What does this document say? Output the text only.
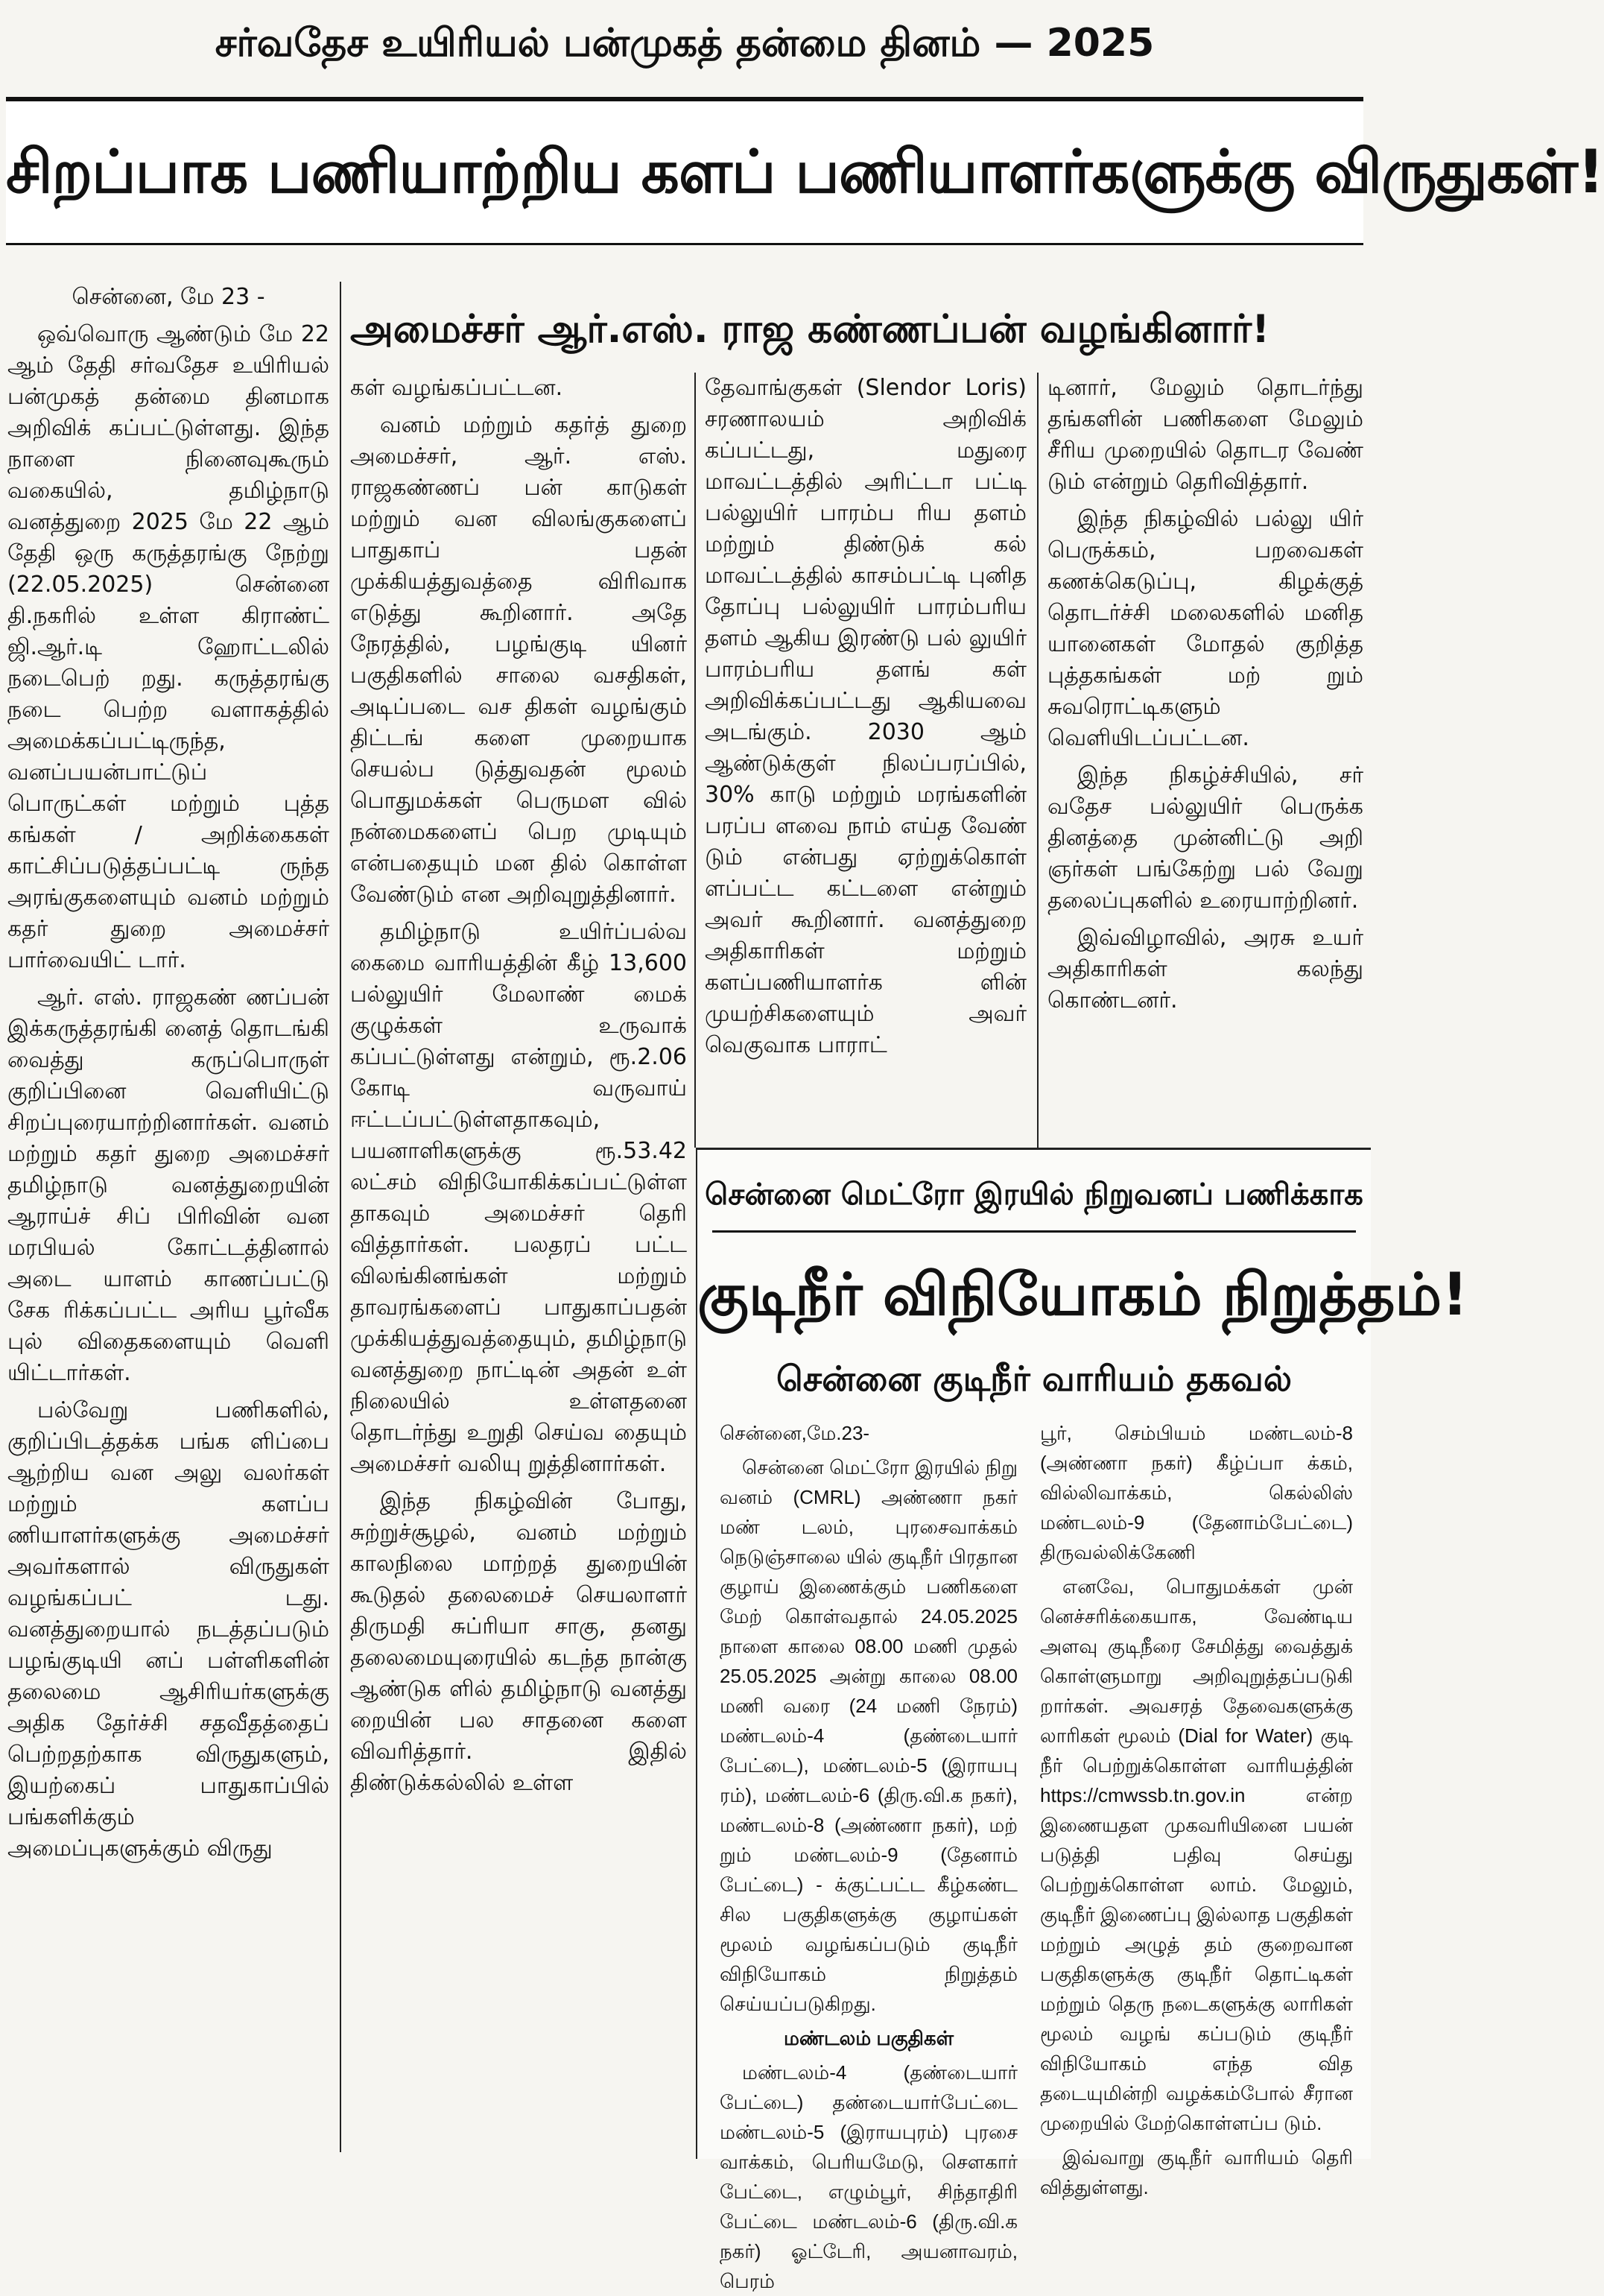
சர்வதேச உயிரியல் பன்முகத் தன்மை தினம் — 2025
சிறப்பாக பணியாற்றிய களப் பணியாளர்களுக்கு விருதுகள்!
அமைச்சர் ஆர்.எஸ். ராஜ கண்ணப்பன் வழங்கினார்!

சென்னை, மே 23 -

ஒவ்வொரு ஆண்டும் மே 22 ஆம் தேதி சர்வதேச உயிரியல் பன்முகத் தன்மை தினமாக அறிவிக் கப்பட்டுள்ளது. இந்த நாளை நினைவுகூரும் வகையில், தமிழ்நாடு வனத்துறை 2025 மே 22 ஆம் தேதி ஒரு கருத்தரங்கு நேற்று (22.05.2025) சென்னை தி.நகரில் உள்ள கிராண்ட் ஜி.ஆர்.டி ஹோட்டலில் நடைபெற் றது. கருத்தரங்கு நடை பெற்ற வளாகத்தில் அமைக்கப்பட்டிருந்த, வனப்பயன்பாட்டுப் பொருட்கள் மற்றும் புத்த கங்கள் / அறிக்கைகள் காட்சிப்படுத்தப்பட்டி ருந்த அரங்குகளையும் வனம் மற்றும் கதர் துறை அமைச்சர் பார்வையிட் டார்.

ஆர். எஸ். ராஜகண் ணப்பன் இக்கருத்தரங்கி னைத் தொடங்கி வைத்து கருப்பொருள் குறிப்பினை வெளியிட்டு சிறப்புரையாற்றினார்கள். வனம் மற்றும் கதர் துறை அமைச்சர் தமிழ்நாடு வனத்துறையின் ஆராய்ச் சிப் பிரிவின் வன மரபியல் கோட்டத்தினால் அடை யாளம் காணப்பட்டு சேக ரிக்கப்பட்ட அரிய பூர்வீக புல் விதைகளையும் வெளி யிட்டார்கள்.

பல்வேறு பணிகளில், குறிப்பிடத்தக்க பங்க ளிப்பை ஆற்றிய வன அலு வலர்கள் மற்றும் களப்ப ணியாளர்களுக்கு அமைச்சர் அவர்களால் விருதுகள் வழங்கப்பட் டது. வனத்துறையால் நடத்தப்படும் பழங்குடியி னப் பள்ளிகளின் தலைமை ஆசிரியர்களுக்கு அதிக தேர்ச்சி சதவீதத்தைப் பெற்றதற்காக விருதுகளும், இயற்கைப் பாதுகாப்பில் பங்களிக்கும் அமைப்புகளுக்கும் விருது

கள் வழங்கப்பட்டன.

வனம் மற்றும் கதர்த் துறை அமைச்சர், ஆர். எஸ். ராஜகண்ணப் பன் காடுகள் மற்றும் வன விலங்குகளைப் பாதுகாப் பதன் முக்கியத்துவத்தை விரிவாக எடுத்து கூறினார். அதே நேரத்தில், பழங்குடி யினர் பகுதிகளில் சாலை வசதிகள், அடிப்படை வச திகள் வழங்கும் திட்டங் களை முறையாக செயல்ப டுத்துவதன் மூலம் பொதுமக்கள் பெருமள வில் நன்மைகளைப் பெற முடியும் என்பதையும் மன தில் கொள்ள வேண்டும் என அறிவுறுத்தினார்.

தமிழ்நாடு உயிர்ப்பல்வ கைமை வாரியத்தின் கீழ் 13,600 பல்லுயிர் மேலாண் மைக் குழுக்கள் உருவாக் கப்பட்டுள்ளது என்றும், ரூ.2.06 கோடி வருவாய் ஈட்டப்பட்டுள்ளதாகவும், பயனாளிகளுக்கு ரூ.53.42 லட்சம் விநியோகிக்கப்பட்டுள்ள தாகவும் அமைச்சர் தெரி வித்தார்கள். பலதரப் பட்ட விலங்கினங்கள் மற்றும் தாவரங்களைப் பாதுகாப்பதன் முக்கியத்துவத்தையும், தமிழ்நாடு வனத்துறை நாட்டின் அதன் உள் நிலையில் உள்ளதனை தொடர்ந்து உறுதி செய்வ தையும் அமைச்சர் வலியு றுத்தினார்கள்.

இந்த நிகழ்வின் போது, சுற்றுச்சூழல், வனம் மற்றும் காலநிலை மாற்றத் துறையின் கூடுதல் தலைமைச் செயலாளர் திருமதி சுப்ரியா சாகு, தனது தலைமையுரையில் கடந்த நான்கு ஆண்டுக ளில் தமிழ்நாடு வனத்து றையின் பல சாதனை களை விவரித்தார். இதில் திண்டுக்கல்லில் உள்ள

தேவாங்குகள் (Slendor Loris) சரணாலயம் அறிவிக் கப்பட்டது, மதுரை மாவட்டத்தில் அரிட்டா பட்டி பல்லுயிர் பாரம்ப ரிய தளம் மற்றும் திண்டுக் கல் மாவட்டத்தில் காசம்பட்டி புனித தோப்பு பல்லுயிர் பாரம்பரிய தளம் ஆகிய இரண்டு பல் லுயிர் பாரம்பரிய தளங் கள் அறிவிக்கப்பட்டது ஆகியவை அடங்கும். 2030 ஆம் ஆண்டுக்குள் நிலப்பரப்பில், 30% காடு மற்றும் மரங்களின் பரப்ப ளவை நாம் எய்த வேண் டும் என்பது ஏற்றுக்கொள் ளப்பட்ட கட்டளை என்றும் அவர் கூறினார். வனத்துறை அதிகாரிகள் மற்றும் களப்பணியாளர்க ளின் முயற்சிகளையும் அவர் வெகுவாக பாராட்

டினார், மேலும் தொடர்ந்து தங்களின் பணிகளை மேலும் சீரிய முறையில் தொடர வேண் டும் என்றும் தெரிவித்தார்.

இந்த நிகழ்வில் பல்லு யிர் பெருக்கம், பறவைகள் கணக்கெடுப்பு, கிழக்குத் தொடர்ச்சி மலைகளில் மனித யானைகள் மோதல் குறித்த புத்தகங்கள் மற் றும் சுவரொட்டிகளும் வெளியிடப்பட்டன.

இந்த நிகழ்ச்சியில், சர் வதேச பல்லுயிர் பெருக்க தினத்தை முன்னிட்டு அறி ஞர்கள் பங்கேற்று பல் வேறு தலைப்புகளில் உரையாற்றினர்.

இவ்விழாவில், அரசு உயர் அதிகாரிகள் கலந்து கொண்டனர்.

சென்னை மெட்ரோ இரயில் நிறுவனப் பணிக்காக
குடிநீர் விநியோகம் நிறுத்தம்!
சென்னை குடிநீர் வாரியம் தகவல்

சென்னை,மே.23-

சென்னை மெட்ரோ இரயில் நிறு வனம் (CMRL) அண்ணா நகர் மண் டலம், புரசைவாக்கம் நெடுஞ்சாலை யில் குடிநீர் பிரதான குழாய் இணைக்கும் பணிகளை மேற் கொள்வதால் 24.05.2025 நாளை காலை 08.00 மணி முதல் 25.05.2025 அன்று காலை 08.00 மணி வரை (24 மணி நேரம்) மண்டலம்-4 (தண்டையார் பேட்டை), மண்டலம்-5 (இராயபு ரம்), மண்டலம்-6 (திரு.வி.க நகர்), மண்டலம்-8 (அண்ணா நகர்), மற் றும் மண்டலம்-9 (தேனாம் பேட்டை) - க்குட்பட்ட கீழ்கண்ட சில பகுதிகளுக்கு குழாய்கள் மூலம் வழங்கப்படும் குடிநீர் விநியோகம் நிறுத்தம் செய்யப்படுகிறது.

மண்டலம் பகுதிகள்

மண்டலம்-4 (தண்டையார் பேட்டை) தண்டையார்பேட்டை மண்டலம்-5 (இராயபுரம்) புரசை வாக்கம், பெரியமேடு, சௌகார் பேட்டை, எழும்பூர், சிந்தாதிரி பேட்டை மண்டலம்-6 (திரு.வி.க நகர்) ஓட்டேரி, அயனாவரம், பெரம்

பூர், செம்பியம் மண்டலம்-8 (அண்ணா நகர்) கீழ்ப்பா க்கம், வில்லிவாக்கம், கெல்லிஸ் மண்டலம்-9 (தேனாம்பேட்டை) திருவல்லிக்கேணி

எனவே, பொதுமக்கள் முன் னெச்சரிக்கையாக, வேண்டிய அளவு குடிநீரை சேமித்து வைத்துக் கொள்ளுமாறு அறிவுறுத்தப்படுகி றார்கள். அவசரத் தேவைகளுக்கு லாரிகள் மூலம் (Dial for Water) குடி நீர் பெற்றுக்கொள்ள வாரியத்தின் https://cmwssb.tn.gov.in என்ற இணையதள முகவரியினை பயன் படுத்தி பதிவு செய்து பெற்றுக்கொள்ள லாம். மேலும், குடிநீர் இணைப்பு இல்லாத பகுதிகள் மற்றும் அழுத் தம் குறைவான பகுதிகளுக்கு குடிநீர் தொட்டிகள் மற்றும் தெரு நடைகளுக்கு லாரிகள் மூலம் வழங் கப்படும் குடிநீர் விநியோகம் எந்த வித தடையுமின்றி வழக்கம்போல் சீரான முறையில் மேற்கொள்ளப்ப டும்.

இவ்வாறு குடிநீர் வாரியம் தெரி வித்துள்ளது.
